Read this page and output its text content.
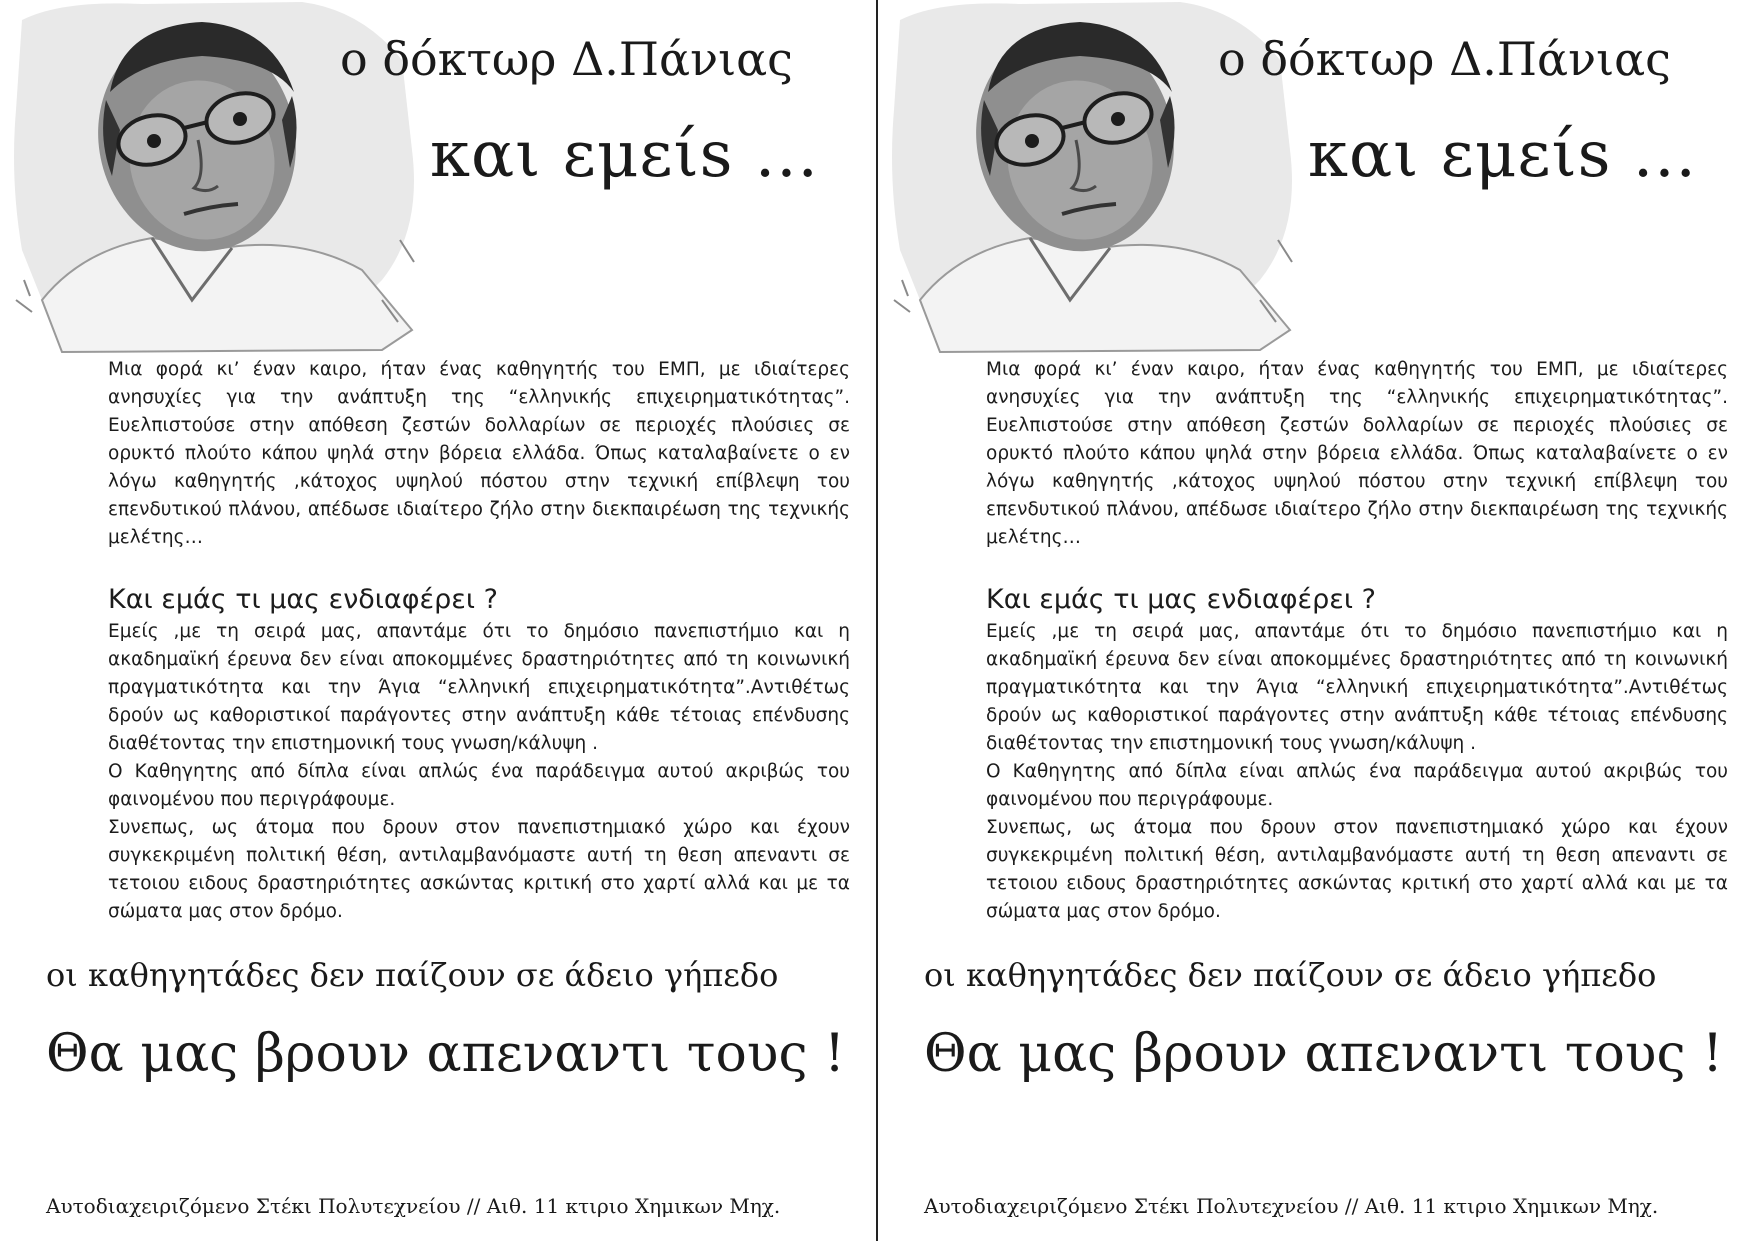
ο δόκτωρ Δ.Πάνιας
και εμείs ...

Μια φορά κι’ έναν καιρο, ήταν ένας καθηγητής του ΕΜΠ, με ιδιαίτερες ανησυχίες για την ανάπτυξη της “ελληνικής επιχειρηματικότητας”. Ευελπιστούσε στην απόθεση ζεστών δολλαρίων σε περιοχές πλούσιες σε ορυκτό πλούτο κάπου ψηλά στην βόρεια ελλάδα. Όπως καταλαβαίνετε ο εν λόγω καθηγητής ,κάτοχος υψηλού πόστου στην τεχνική επίβλεψη του επενδυτικού πλάνου, απέδωσε ιδιαίτερο ζήλο στην διεκπαιρέωση της τεχνικής μελέτης…

Και εμάς τι μας ενδιαφέρει ?

Εμείς ,με τη σειρά μας, απαντάμε ότι το δημόσιο πανεπιστήμιο και η ακαδημαϊκή έρευνα δεν είναι αποκομμένες δραστηριότητες από τη κοινωνική πραγματικότητα και την Άγια “ελληνική επιχειρηματικότητα”.Αντιθέτως δρούν ως καθοριστικοί παράγοντες στην ανάπτυξη κάθε τέτοιας επένδυσης διαθέτοντας την επιστημονική τους γνωση/κάλυψη .

Ο Καθηγητης από δίπλα είναι απλώς ένα παράδειγμα αυτού ακριβώς του φαινομένου που περιγράφουμε.

Συνεπως, ως άτομα που δρουν στον πανεπιστημιακό χώρο και έχουν συγκεκριμένη πολιτική θέση, αντιλαμβανόμαστε αυτή τη θεση απεναντι σε τετοιου ειδους δραστηριότητες ασκώντας κριτική στο χαρτί αλλά και με τα σώματα μας στον δρόμο.

οι καθηγητάδες δεν παίζουν σε άδειο γήπεδο
Θα μας βρουν απεναντι τους !
Αυτοδιαχειριζόμενο Στέκι Πολυτεχνείου // Αιθ. 11 κτιριο Χημικων Μηχ.
ο δόκτωρ Δ.Πάνιας
και εμείs ...

Μια φορά κι’ έναν καιρο, ήταν ένας καθηγητής του ΕΜΠ, με ιδιαίτερες ανησυχίες για την ανάπτυξη της “ελληνικής επιχειρηματικότητας”. Ευελπιστούσε στην απόθεση ζεστών δολλαρίων σε περιοχές πλούσιες σε ορυκτό πλούτο κάπου ψηλά στην βόρεια ελλάδα. Όπως καταλαβαίνετε ο εν λόγω καθηγητής ,κάτοχος υψηλού πόστου στην τεχνική επίβλεψη του επενδυτικού πλάνου, απέδωσε ιδιαίτερο ζήλο στην διεκπαιρέωση της τεχνικής μελέτης…

Και εμάς τι μας ενδιαφέρει ?

Εμείς ,με τη σειρά μας, απαντάμε ότι το δημόσιο πανεπιστήμιο και η ακαδημαϊκή έρευνα δεν είναι αποκομμένες δραστηριότητες από τη κοινωνική πραγματικότητα και την Άγια “ελληνική επιχειρηματικότητα”.Αντιθέτως δρούν ως καθοριστικοί παράγοντες στην ανάπτυξη κάθε τέτοιας επένδυσης διαθέτοντας την επιστημονική τους γνωση/κάλυψη .

Ο Καθηγητης από δίπλα είναι απλώς ένα παράδειγμα αυτού ακριβώς του φαινομένου που περιγράφουμε.

Συνεπως, ως άτομα που δρουν στον πανεπιστημιακό χώρο και έχουν συγκεκριμένη πολιτική θέση, αντιλαμβανόμαστε αυτή τη θεση απεναντι σε τετοιου ειδους δραστηριότητες ασκώντας κριτική στο χαρτί αλλά και με τα σώματα μας στον δρόμο.

οι καθηγητάδες δεν παίζουν σε άδειο γήπεδο
Θα μας βρουν απεναντι τους !
Αυτοδιαχειριζόμενο Στέκι Πολυτεχνείου // Αιθ. 11 κτιριο Χημικων Μηχ.
